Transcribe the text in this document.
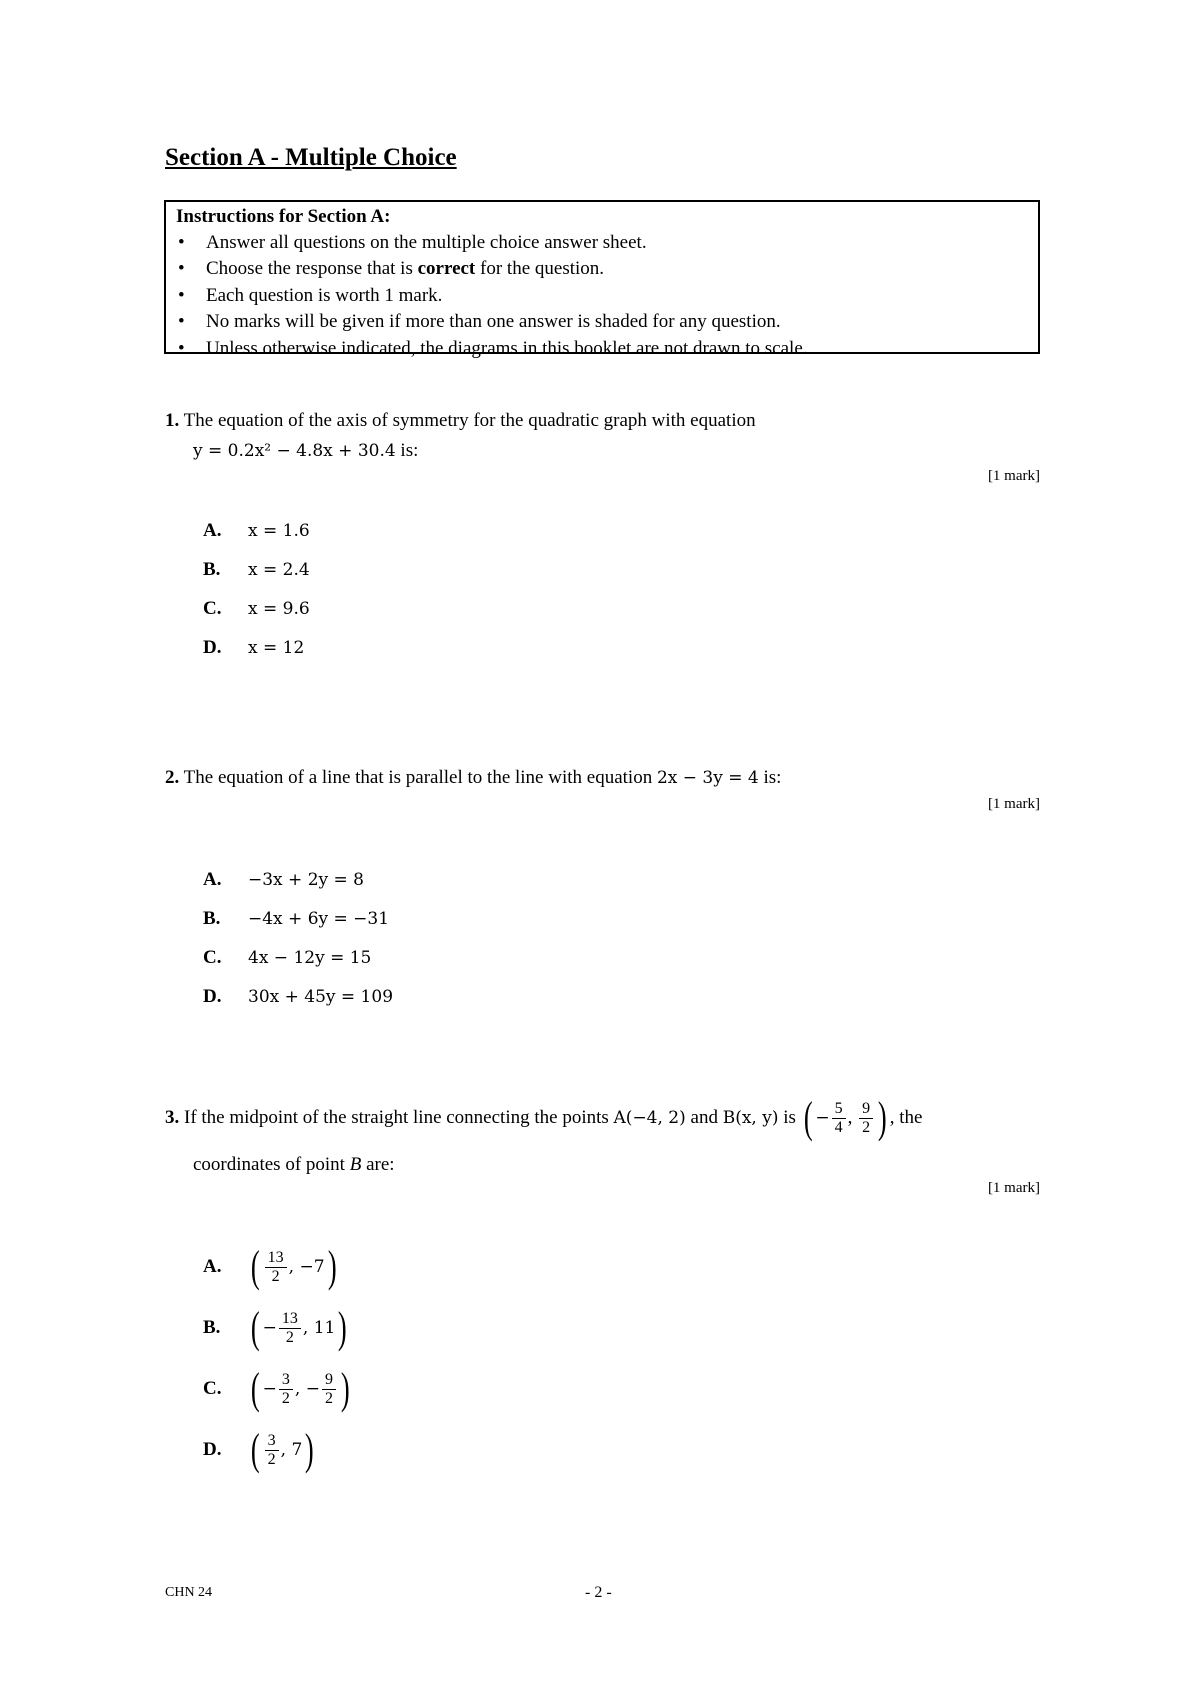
Section A - Multiple Choice
Instructions for Section A:
• Answer all questions on the multiple choice answer sheet.
• Choose the response that is correct for the question.
• Each question is worth 1 mark.
• No marks will be given if more than one answer is shaded for any question.
• Unless otherwise indicated, the diagrams in this booklet are not drawn to scale.
1. The equation of the axis of symmetry for the quadratic graph with equation
y = 0.2x² − 4.8x + 30.4 is:
[1 mark]
A. x = 1.6
B. x = 2.4
C. x = 9.6
D. x = 12
2. The equation of a line that is parallel to the line with equation 2x − 3y = 4 is:
[1 mark]
A. −3x + 2y = 8
B. −4x + 6y = −31
C. 4x − 12y = 15
D. 30x + 45y = 109
3.
If the midpoint of the straight line connecting the points
A(−4, 2)
and
B(x, y)
is
( − $\frac{5}{4}$ , $\frac{9}{2}$ ) , the
coordinates of point B are:
[1 mark]
A. ( $\frac{13}{2}$ , −7 )
B. ( − $\frac{13}{2}$ , 11 )
C. ( − $\frac{3}{2}$ , − $\frac{9}{2}$ )
D. ( $\frac{3}{2}$ , 7 )
CHN 24	- 2 -
